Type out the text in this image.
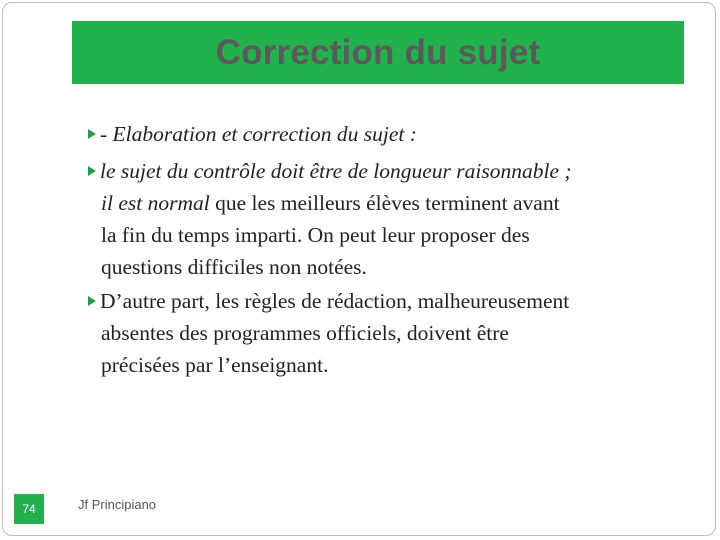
Correction du sujet
- Elaboration et correction du sujet :
le sujet du contrôle doit être de longueur raisonnable ;
il est normal que les meilleurs élèves terminent avant
la fin du temps imparti. On peut leur proposer des
questions difficiles non notées.
D’autre part, les règles de rédaction, malheureusement
absentes des programmes officiels, doivent être
précisées par l’enseignant.
74	Jf Principiano
